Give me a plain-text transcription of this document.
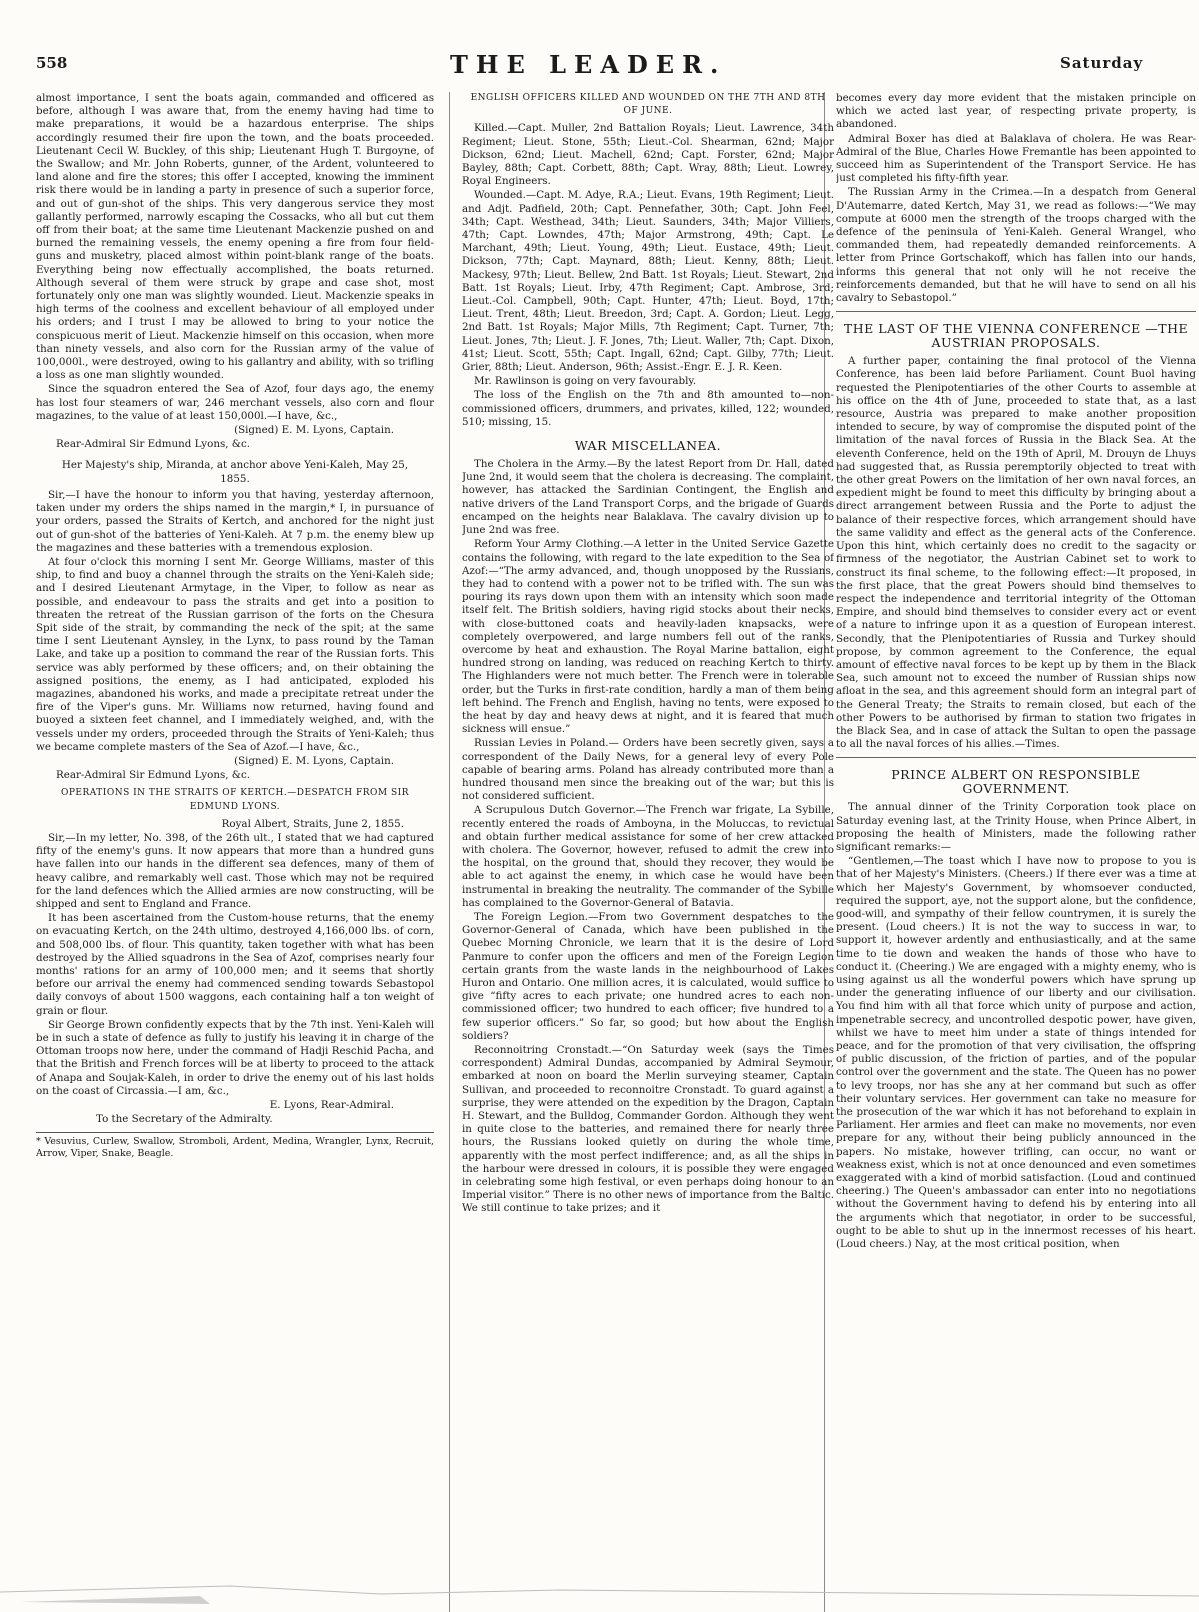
558	THE LEADER.	Saturday

almost importance, I sent the boats again, commanded and officered as before, although I was aware that, from the enemy having had time to make preparations, it would be a hazardous enterprise. The ships accordingly resumed their fire upon the town, and the boats proceeded. Lieutenant Cecil W. Buckley, of this ship; Lieutenant Hugh T. Burgoyne, of the Swallow; and Mr. John Roberts, gunner, of the Ardent, volunteered to land alone and fire the stores; this offer I accepted, knowing the imminent risk there would be in landing a party in presence of such a superior force, and out of gun-shot of the ships. This very dangerous service they most gallantly performed, narrowly escaping the Cossacks, who all but cut them off from their boat; at the same time Lieutenant Mackenzie pushed on and burned the remaining vessels, the enemy opening a fire from four field-guns and musketry, placed almost within point-blank range of the boats. Everything being now effectually accomplished, the boats returned. Although several of them were struck by grape and case shot, most fortunately only one man was slightly wounded. Lieut. Mackenzie speaks in high terms of the coolness and excellent behaviour of all employed under his orders; and I trust I may be allowed to bring to your notice the conspicuous merit of Lieut. Mackenzie himself on this occasion, when more than ninety vessels, and also corn for the Russian army of the value of 100,000l., were destroyed, owing to his gallantry and ability, with so trifling a loss as one man slightly wounded.

Since the squadron entered the Sea of Azof, four days ago, the enemy has lost four steamers of war, 246 merchant vessels, also corn and flour magazines, to the value of at least 150,000l.—I have, &c.,

(Signed) E. M. Lyons, Captain.

Rear-Admiral Sir Edmund Lyons, &c.

Her Majesty's ship, Miranda, at anchor above Yeni-Kaleh, May 25, 1855.

Sir,—I have the honour to inform you that having, yesterday afternoon, taken under my orders the ships named in the margin,* I, in pursuance of your orders, passed the Straits of Kertch, and anchored for the night just out of gun-shot of the batteries of Yeni-Kaleh. At 7 p.m. the enemy blew up the magazines and these batteries with a tremendous explosion.

At four o'clock this morning I sent Mr. George Williams, master of this ship, to find and buoy a channel through the straits on the Yeni-Kaleh side; and I desired Lieutenant Armytage, in the Viper, to follow as near as possible, and endeavour to pass the straits and get into a position to threaten the retreat of the Russian garrison of the forts on the Chesura Spit side of the strait, by commanding the neck of the spit; at the same time I sent Lieutenant Aynsley, in the Lynx, to pass round by the Taman Lake, and take up a position to command the rear of the Russian forts. This service was ably performed by these officers; and, on their obtaining the assigned positions, the enemy, as I had anticipated, exploded his magazines, abandoned his works, and made a precipitate retreat under the fire of the Viper's guns. Mr. Williams now returned, having found and buoyed a sixteen feet channel, and I immediately weighed, and, with the vessels under my orders, proceeded through the Straits of Yeni-Kaleh; thus we became complete masters of the Sea of Azof.—I have, &c.,

(Signed) E. M. Lyons, Captain.

Rear-Admiral Sir Edmund Lyons, &c.

OPERATIONS IN THE STRAITS OF KERTCH.—DESPATCH FROM SIR EDMUND LYONS.

Royal Albert, Straits, June 2, 1855.

Sir,—In my letter, No. 398, of the 26th ult., I stated that we had captured fifty of the enemy's guns. It now appears that more than a hundred guns have fallen into our hands in the different sea defences, many of them of heavy calibre, and remarkably well cast. Those which may not be required for the land defences which the Allied armies are now constructing, will be shipped and sent to England and France.

It has been ascertained from the Custom-house returns, that the enemy on evacuating Kertch, on the 24th ultimo, destroyed 4,166,000 lbs. of corn, and 508,000 lbs. of flour. This quantity, taken together with what has been destroyed by the Allied squadrons in the Sea of Azof, comprises nearly four months' rations for an army of 100,000 men; and it seems that shortly before our arrival the enemy had commenced sending towards Sebastopol daily convoys of about 1500 waggons, each containing half a ton weight of grain or flour.

Sir George Brown confidently expects that by the 7th inst. Yeni-Kaleh will be in such a state of defence as fully to justify his leaving it in charge of the Ottoman troops now here, under the command of Hadji Reschid Pacha, and that the British and French forces will be at liberty to proceed to the attack of Anapa and Soujak-Kaleh, in order to drive the enemy out of his last holds on the coast of Circassia.—I am, &c.,

E. Lyons, Rear-Admiral.

To the Secretary of the Admiralty.

* Vesuvius, Curlew, Swallow, Stromboli, Ardent, Medina, Wrangler, Lynx, Recruit, Arrow, Viper, Snake, Beagle.

ENGLISH OFFICERS KILLED AND WOUNDED ON THE 7TH AND 8TH OF JUNE.

Killed.—Capt. Muller, 2nd Battalion Royals; Lieut. Lawrence, 34th Regiment; Lieut. Stone, 55th; Lieut.-Col. Shearman, 62nd; Major Dickson, 62nd; Lieut. Machell, 62nd; Capt. Forster, 62nd; Major Bayley, 88th; Capt. Corbett, 88th; Capt. Wray, 88th; Lieut. Lowrey, Royal Engineers.

Wounded.—Capt. M. Adye, R.A.; Lieut. Evans, 19th Regiment; Lieut. and Adjt. Padfield, 20th; Capt. Pennefather, 30th; Capt. John Feel, 34th; Capt. Westhead, 34th; Lieut. Saunders, 34th; Major Villiers, 47th; Capt. Lowndes, 47th; Major Armstrong, 49th; Capt. Le Marchant, 49th; Lieut. Young, 49th; Lieut. Eustace, 49th; Lieut. Dickson, 77th; Capt. Maynard, 88th; Lieut. Kenny, 88th; Lieut. Mackesy, 97th; Lieut. Bellew, 2nd Batt. 1st Royals; Lieut. Stewart, 2nd Batt. 1st Royals; Lieut. Irby, 47th Regiment; Capt. Ambrose, 3rd; Lieut.-Col. Campbell, 90th; Capt. Hunter, 47th; Lieut. Boyd, 17th; Lieut. Trent, 48th; Lieut. Breedon, 3rd; Capt. A. Gordon; Lieut. Legg, 2nd Batt. 1st Royals; Major Mills, 7th Regiment; Capt. Turner, 7th; Lieut. Jones, 7th; Lieut. J. F. Jones, 7th; Lieut. Waller, 7th; Capt. Dixon, 41st; Lieut. Scott, 55th; Capt. Ingall, 62nd; Capt. Gilby, 77th; Lieut. Grier, 88th; Lieut. Anderson, 96th; Assist.-Engr. E. J. R. Keen.

Mr. Rawlinson is going on very favourably.

The loss of the English on the 7th and 8th amounted to—non-commissioned officers, drummers, and privates, killed, 122; wounded, 510; missing, 15.

WAR MISCELLANEA.

The Cholera in the Army.—By the latest Report from Dr. Hall, dated June 2nd, it would seem that the cholera is decreasing. The complaint, however, has attacked the Sardinian Contingent, the English and native drivers of the Land Transport Corps, and the brigade of Guards encamped on the heights near Balaklava. The cavalry division up to June 2nd was free.

Reform Your Army Clothing.—A letter in the United Service Gazette contains the following, with regard to the late expedition to the Sea of Azof:—“The army advanced, and, though unopposed by the Russians, they had to contend with a power not to be trifled with. The sun was pouring its rays down upon them with an intensity which soon made itself felt. The British soldiers, having rigid stocks about their necks, with close-buttoned coats and heavily-laden knapsacks, were completely overpowered, and large numbers fell out of the ranks, overcome by heat and exhaustion. The Royal Marine battalion, eight hundred strong on landing, was reduced on reaching Kertch to thirty. The Highlanders were not much better. The French were in tolerable order, but the Turks in first-rate condition, hardly a man of them being left behind. The French and English, having no tents, were exposed to the heat by day and heavy dews at night, and it is feared that much sickness will ensue.”

Russian Levies in Poland.— Orders have been secretly given, says a correspondent of the Daily News, for a general levy of every Pole capable of bearing arms. Poland has already contributed more than a hundred thousand men since the breaking out of the war; but this is not considered sufficient.

A Scrupulous Dutch Governor.—The French war frigate, La Sybille, recently entered the roads of Amboyna, in the Moluccas, to revictual and obtain further medical assistance for some of her crew attacked with cholera. The Governor, however, refused to admit the crew into the hospital, on the ground that, should they recover, they would be able to act against the enemy, in which case he would have been instrumental in breaking the neutrality. The commander of the Sybille has complained to the Governor-General of Batavia.

The Foreign Legion.—From two Government despatches to the Governor-General of Canada, which have been published in the Quebec Morning Chronicle, we learn that it is the desire of Lord Panmure to confer upon the officers and men of the Foreign Legion certain grants from the waste lands in the neighbourhood of Lakes Huron and Ontario. One million acres, it is calculated, would suffice to give “fifty acres to each private; one hundred acres to each non-commissioned officer; two hundred to each officer; five hundred to a few superior officers.” So far, so good; but how about the English soldiers?

Reconnoitring Cronstadt.—“On Saturday week (says the Times correspondent) Admiral Dundas, accompanied by Admiral Seymour, embarked at noon on board the Merlin surveying steamer, Captain Sullivan, and proceeded to reconnoitre Cronstadt. To guard against a surprise, they were attended on the expedition by the Dragon, Captain H. Stewart, and the Bulldog, Commander Gordon. Although they went in quite close to the batteries, and remained there for nearly three hours, the Russians looked quietly on during the whole time, apparently with the most perfect indifference; and, as all the ships in the harbour were dressed in colours, it is possible they were engaged in celebrating some high festival, or even perhaps doing honour to an Imperial visitor.” There is no other news of importance from the Baltic. We still continue to take prizes; and it

becomes every day more evident that the mistaken principle on which we acted last year, of respecting private property, is abandoned.

Admiral Boxer has died at Balaklava of cholera. He was Rear-Admiral of the Blue, Charles Howe Fremantle has been appointed to succeed him as Superintendent of the Transport Service. He has just completed his fifty-fifth year.

The Russian Army in the Crimea.—In a despatch from General D'Autemarre, dated Kertch, May 31, we read as follows:—“We may compute at 6000 men the strength of the troops charged with the defence of the peninsula of Yeni-Kaleh. General Wrangel, who commanded them, had repeatedly demanded reinforcements. A letter from Prince Gortschakoff, which has fallen into our hands, informs this general that not only will he not receive the reinforcements demanded, but that he will have to send on all his cavalry to Sebastopol.”

THE LAST OF THE VIENNA CONFERENCE —THE AUSTRIAN PROPOSALS.

A further paper, containing the final protocol of the Vienna Conference, has been laid before Parliament. Count Buol having requested the Plenipotentiaries of the other Courts to assemble at his office on the 4th of June, proceeded to state that, as a last resource, Austria was prepared to make another proposition intended to secure, by way of compromise the disputed point of the limitation of the naval forces of Russia in the Black Sea. At the eleventh Conference, held on the 19th of April, M. Drouyn de Lhuys had suggested that, as Russia peremptorily objected to treat with the other great Powers on the limitation of her own naval forces, an expedient might be found to meet this difficulty by bringing about a direct arrangement between Russia and the Porte to adjust the balance of their respective forces, which arrangement should have the same validity and effect as the general acts of the Conference. Upon this hint, which certainly does no credit to the sagacity or firmness of the negotiator, the Austrian Cabinet set to work to construct its final scheme, to the following effect:—It proposed, in the first place, that the great Powers should bind themselves to respect the independence and territorial integrity of the Ottoman Empire, and should bind themselves to consider every act or event of a nature to infringe upon it as a question of European interest. Secondly, that the Plenipotentiaries of Russia and Turkey should propose, by common agreement to the Conference, the equal amount of effective naval forces to be kept up by them in the Black Sea, such amount not to exceed the number of Russian ships now afloat in the sea, and this agreement should form an integral part of the General Treaty; the Straits to remain closed, but each of the other Powers to be authorised by firman to station two frigates in the Black Sea, and in case of attack the Sultan to open the passage to all the naval forces of his allies.—Times.

PRINCE ALBERT ON RESPONSIBLE GOVERNMENT.

The annual dinner of the Trinity Corporation took place on Saturday evening last, at the Trinity House, when Prince Albert, in proposing the health of Ministers, made the following rather significant remarks:—

“Gentlemen,—The toast which I have now to propose to you is that of her Majesty's Ministers. (Cheers.) If there ever was a time at which her Majesty's Government, by whomsoever conducted, required the support, aye, not the support alone, but the confidence, good-will, and sympathy of their fellow countrymen, it is surely the present. (Loud cheers.) It is not the way to success in war, to support it, however ardently and enthusiastically, and at the same time to tie down and weaken the hands of those who have to conduct it. (Cheering.) We are engaged with a mighty enemy, who is using against us all the wonderful powers which have sprung up under the generating influence of our liberty and our civilisation. You find him with all that force which unity of purpose and action, impenetrable secrecy, and uncontrolled despotic power, have given, whilst we have to meet him under a state of things intended for peace, and for the promotion of that very civilisation, the offspring of public discussion, of the friction of parties, and of the popular control over the government and the state. The Queen has no power to levy troops, nor has she any at her command but such as offer their voluntary services. Her government can take no measure for the prosecution of the war which it has not beforehand to explain in Parliament. Her armies and fleet can make no movements, nor even prepare for any, without their being publicly announced in the papers. No mistake, however trifling, can occur, no want or weakness exist, which is not at once denounced and even sometimes exaggerated with a kind of morbid satisfaction. (Loud and continued cheering.) The Queen's ambassador can enter into no negotiations without the Government having to defend his by entering into all the arguments which that negotiator, in order to be successful, ought to be able to shut up in the innermost recesses of his heart. (Loud cheers.) Nay, at the most critical position, when
